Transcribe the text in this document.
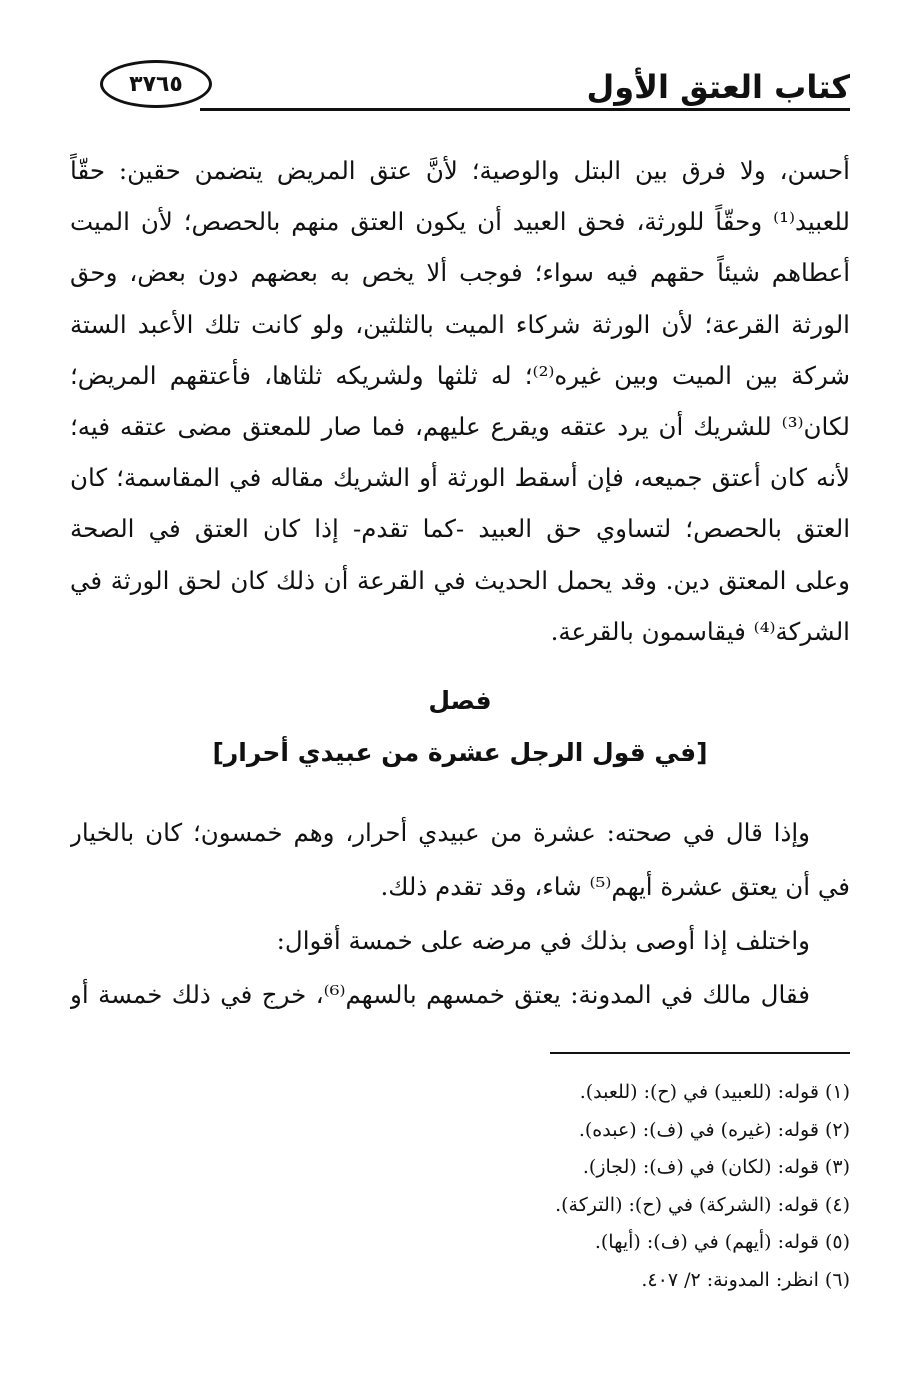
كتاب العتق الأول
٣٧٦٥
أحسن، ولا فرق بين البتل والوصية؛ لأنَّ عتق المريض يتضمن حقين: حقّاً
للعبيد⁽¹⁾ وحقّاً للورثة، فحق العبيد أن يكون العتق منهم بالحصص؛ لأن الميت
أعطاهم شيئاً حقهم فيه سواء؛ فوجب ألا يخص به بعضهم دون بعض، وحق
الورثة القرعة؛ لأن الورثة شركاء الميت بالثلثين، ولو كانت تلك الأعبد الستة
شركة بين الميت وبين غيره⁽²⁾؛ له ثلثها ولشريكه ثلثاها، فأعتقهم المريض؛
لكان⁽³⁾ للشريك أن يرد عتقه ويقرع عليهم، فما صار للمعتق مضى عتقه فيه؛
لأنه كان أعتق جميعه، فإن أسقط الورثة أو الشريك مقاله في المقاسمة؛ كان
العتق بالحصص؛ لتساوي حق العبيد -كما تقدم- إذا كان العتق في الصحة
وعلى المعتق دين. وقد يحمل الحديث في القرعة أن ذلك كان لحق الورثة في
الشركة⁽⁴⁾ فيقاسمون بالقرعة.
فصل
[في قول الرجل عشرة من عبيدي أحرار]
وإذا قال في صحته: عشرة من عبيدي أحرار، وهم خمسون؛ كان بالخيار
في أن يعتق عشرة أيهم⁽⁵⁾ شاء، وقد تقدم ذلك.
واختلف إذا أوصى بذلك في مرضه على خمسة أقوال:
فقال مالك في المدونة: يعتق خمسهم بالسهم⁽⁶⁾، خرج في ذلك خمسة أو
(١) قوله: (للعبيد) في (ح): (للعبد).
(٢) قوله: (غيره) في (ف): (عبده).
(٣) قوله: (لكان) في (ف): (لجاز).
(٤) قوله: (الشركة) في (ح): (التركة).
(٥) قوله: (أيهم) في (ف): (أيها).
(٦) انظر: المدونة: ٢/ ٤٠٧.
